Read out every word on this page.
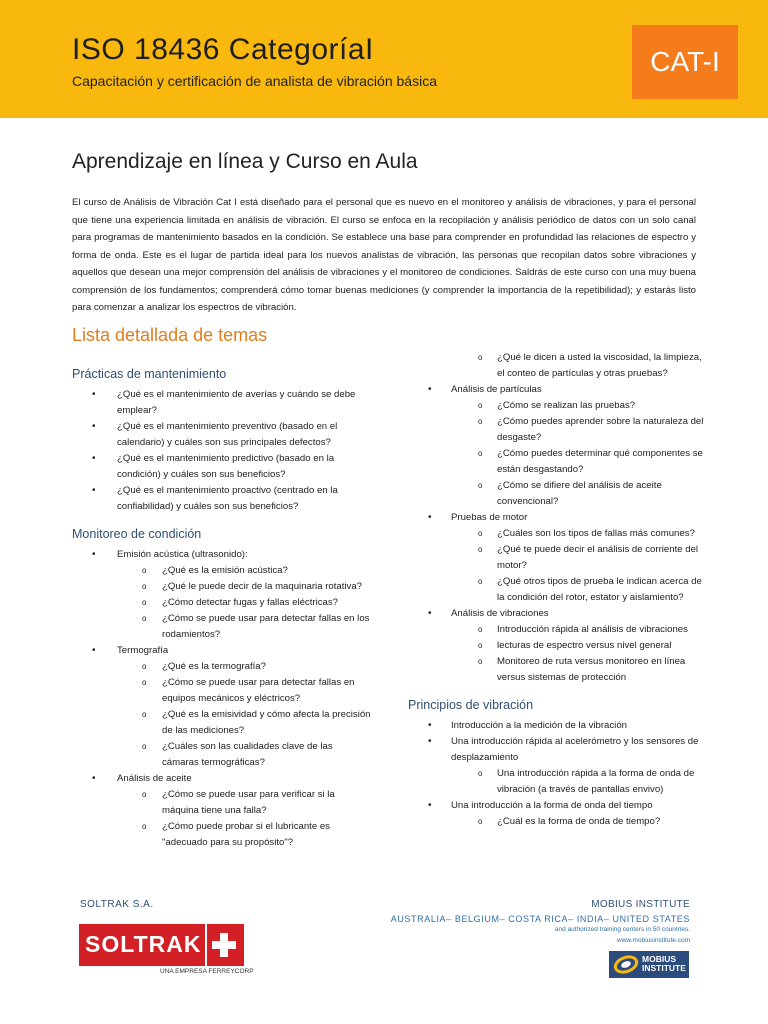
ISO 18436 CategoríaI
Capacitación y certificación de analista de vibración básica
CAT-I
Aprendizaje en línea y Curso en Aula
El curso de Análisis de Vibración Cat I está diseñado para el personal que es nuevo en el monitoreo y análisis de vibraciones, y para el personal que tiene una experiencia limitada en análisis de vibración. El curso se enfoca en la recopilación y análisis periódico de datos con un solo canal para programas de mantenimiento basados en la condición. Se establece una base para comprender en profundidad las relaciones de espectro y forma de onda. Este es el lugar de partida ideal para los nuevos analistas de vibración, las personas que recopilan datos sobre vibraciones y aquellos que desean una mejor comprensión del análisis de vibraciones y el monitoreo de condiciones. Saldrás de este curso con una muy buena comprensión de los fundamentos; comprenderá cómo tomar buenas mediciones (y comprender la importancia de la repetibilidad); y estarás listo para comenzar a analizar los espectros de vibración.
Lista detallada de temas
Prácticas de mantenimiento
• ¿Qué es el mantenimiento de averías y cuándo se debe emplear?
• ¿Qué es el mantenimiento preventivo (basado en el calendario) y cuáles son sus principales defectos?
• ¿Qué es el mantenimiento predictivo (basado en la condición) y cuáles son sus beneficios?
• ¿Qué es el mantenimiento proactivo (centrado en la confiabilidad) y cuáles son sus beneficios?
Monitoreo de condición
• Emisión acústica (ultrasonido):
o ¿Qué es la emisión acústica?
o ¿Qué le puede decir de la maquinaria rotativa?
o ¿Cómo detectar fugas y fallas eléctricas?
o ¿Cómo se puede usar para detectar fallas en los rodamientos?
• Termografía
o ¿Qué es la termografía?
o ¿Cómo se puede usar para detectar fallas en equipos mecánicos y eléctricos?
o ¿Qué es la emisividad y cómo afecta la precisión de las mediciones?
o ¿Cuáles son las cualidades clave de las cámaras termográficas?
• Análisis de aceite
o ¿Cómo se puede usar para verificar si la máquina tiene una falla?
o ¿Cómo puede probar si el lubricante es "adecuado para su propósito"?
o ¿Qué le dicen a usted la viscosidad, la limpieza, el conteo de partículas y otras pruebas?
• Análisis de partículas
o ¿Cómo se realizan las pruebas?
o ¿Cómo puedes aprender sobre la naturaleza del desgaste?
o ¿Cómo puedes determinar qué componentes se están desgastando?
o ¿Cómo se difiere del análisis de aceite convencional?
• Pruebas de motor
o ¿Cuáles son los tipos de fallas más comunes?
o ¿Qué te puede decir el análisis de corriente del motor?
o ¿Qué otros tipos de prueba le indican acerca de la condición del rotor, estator y aislamiento?
• Análisis de vibraciones
o Introducción rápida al análisis de vibraciones
o lecturas de espectro versus nivel general
o Monitoreo de ruta versus monitoreo en línea versus sistemas de protección
Principios de vibración
• Introducción a la medición de la vibración
• Una introducción rápida al acelerómetro y los sensores de desplazamiento
o Una introducción rápida a la forma de onda de vibración (a través de pantallas envivo)
• Una introducción a la forma de onda del tiempo
o ¿Cuál es la forma de onda de tiempo?
SOLTRAK S.A.
SOLTRAK
UNA EMPRESA FERREYCORP
MOBIUS INSTITUTE
AUSTRALIA– BELGIUM– COSTA RICA– INDIA– UNITED STATES
and authorized training centers in 50 countries.
www.mobiusinstitute.com
MOBIUS
INSTITUTE
